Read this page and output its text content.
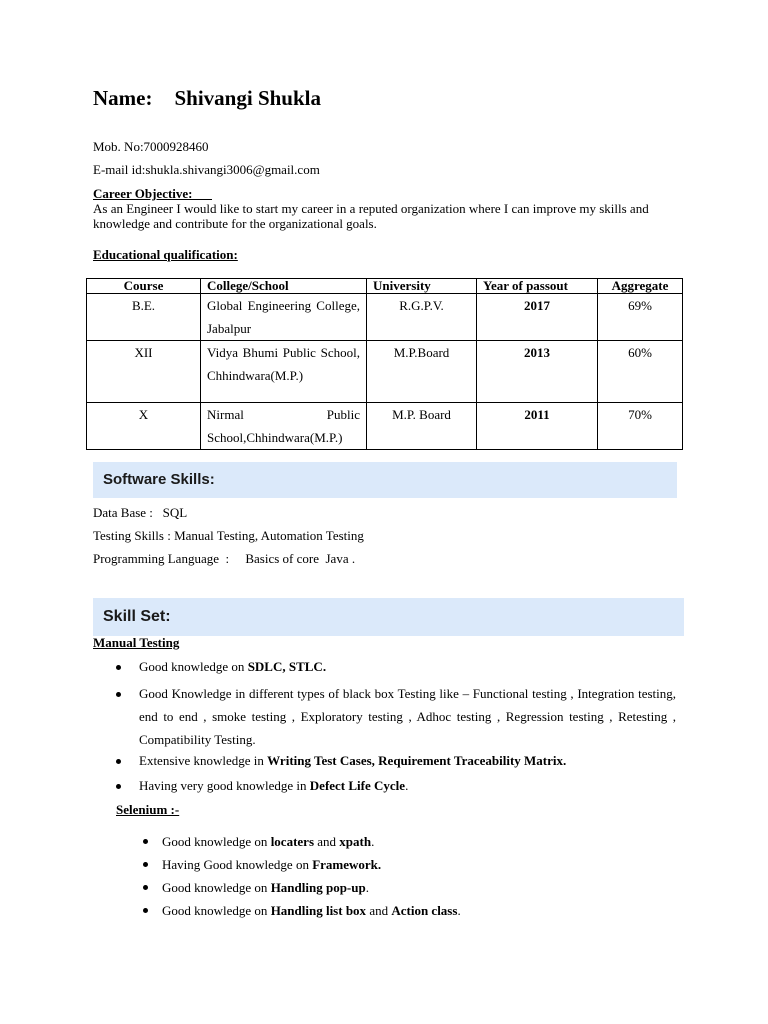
Name: Shivangi Shukla
Mob. No:7000928460
E-mail id:shukla.shivangi3006@gmail.com
Career Objective:
As an Engineer I would like to start my career in a reputed organization where I can improve my skills and knowledge and contribute for the organizational goals.
Educational qualification:
Course	College/School	University	Year of passout	Aggregate
B.E.	Global Engineering College, Jabalpur	R.G.P.V.	2017	69%
XII	Vidya Bhumi Public School, Chhindwara(M.P.)	M.P.Board	2013	60%
X	Nirmal Public School,Chhindwara(M.P.)	M.P. Board	2011	70%
Software Skills:
Data Base :   SQL
Testing Skills : Manual Testing, Automation Testing
Programming Language  :     Basics of core  Java .
Skill Set:
Manual Testing
Good knowledge on SDLC, STLC.
Good Knowledge in different types of black box Testing like – Functional testing , Integration testing, end to end , smoke testing , Exploratory testing , Adhoc testing , Regression testing , Retesting , Compatibility Testing.
Extensive knowledge in Writing Test Cases, Requirement Traceability Matrix.
Having very good knowledge in Defect Life Cycle.
Selenium :-
Good knowledge on locaters and xpath.
Having Good knowledge on Framework.
Good knowledge on Handling pop-up.
Good knowledge on Handling list box and Action class.
